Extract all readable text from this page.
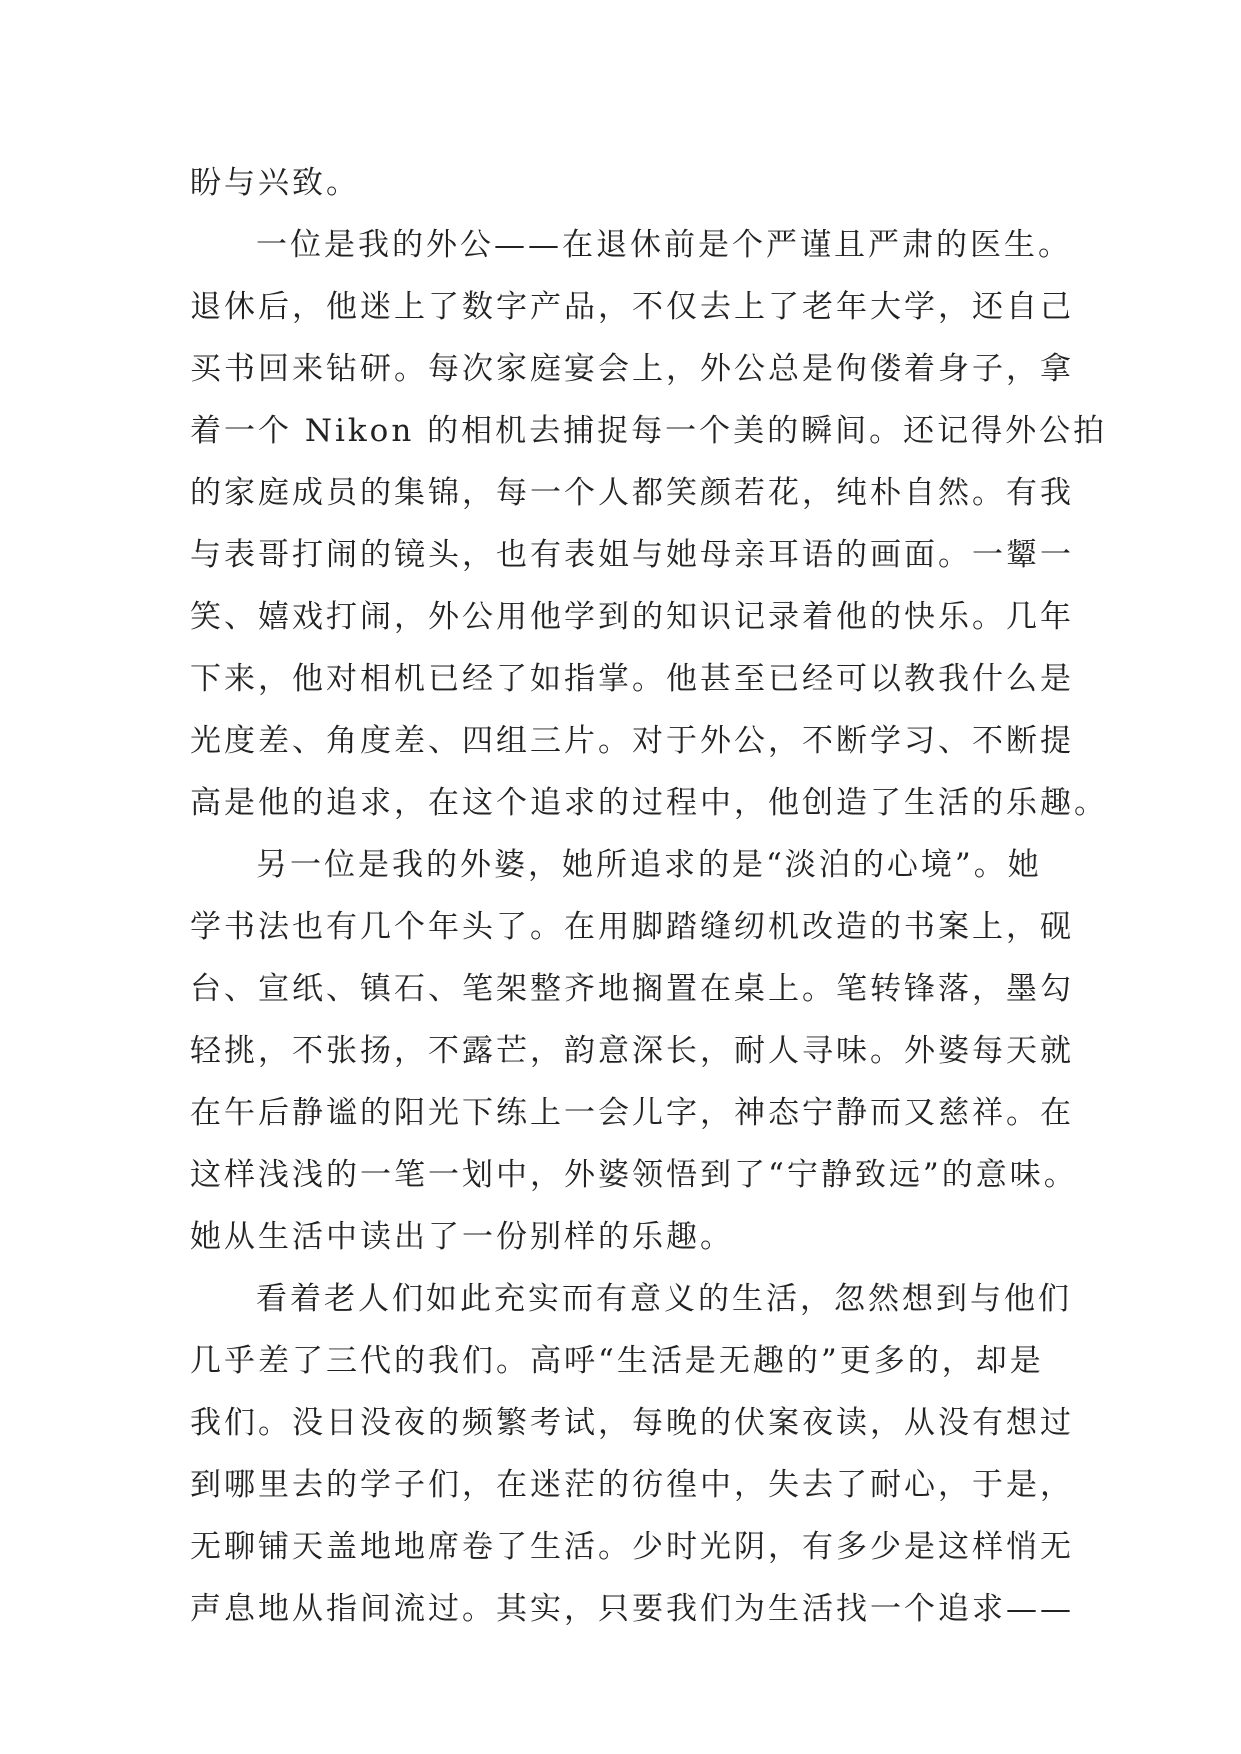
盼与兴致。
一位是我的外公——在退休前是个严谨且严肃的医生。
退休后，他迷上了数字产品，不仅去上了老年大学，还自己
买书回来钻研。每次家庭宴会上，外公总是佝偻着身子，拿
着一个 Nikon 的相机去捕捉每一个美的瞬间。还记得外公拍
的家庭成员的集锦，每一个人都笑颜若花，纯朴自然。有我
与表哥打闹的镜头，也有表姐与她母亲耳语的画面。一颦一
笑、嬉戏打闹，外公用他学到的知识记录着他的快乐。几年
下来，他对相机已经了如指掌。他甚至已经可以教我什么是
光度差、角度差、四组三片。对于外公，不断学习、不断提
高是他的追求，在这个追求的过程中，他创造了生活的乐趣。
另一位是我的外婆，她所追求的是“淡泊的心境”。她
学书法也有几个年头了。在用脚踏缝纫机改造的书案上，砚
台、宣纸、镇石、笔架整齐地搁置在桌上。笔转锋落，墨勾
轻挑，不张扬，不露芒，韵意深长，耐人寻味。外婆每天就
在午后静谧的阳光下练上一会儿字，神态宁静而又慈祥。在
这样浅浅的一笔一划中，外婆领悟到了“宁静致远”的意味。
她从生活中读出了一份别样的乐趣。
看着老人们如此充实而有意义的生活，忽然想到与他们
几乎差了三代的我们。高呼“生活是无趣的”更多的，却是
我们。没日没夜的频繁考试，每晚的伏案夜读，从没有想过
到哪里去的学子们，在迷茫的彷徨中，失去了耐心，于是，
无聊铺天盖地地席卷了生活。少时光阴，有多少是这样悄无
声息地从指间流过。其实，只要我们为生活找一个追求——
